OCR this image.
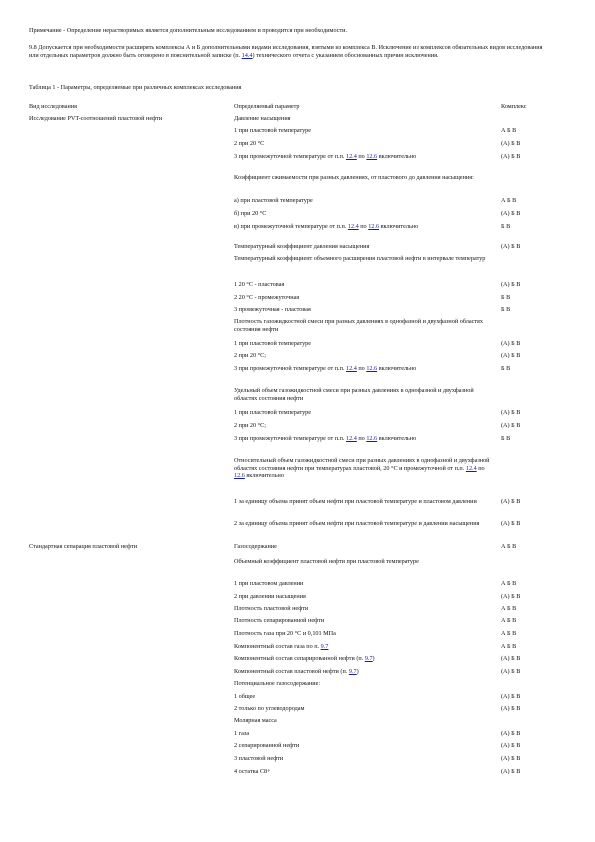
Примечание - Определение нерастворимых является дополнительным исследованием и проводится при необходимости.
9.8 Допускается при необходимости расширять комплексы А и Б дополнительными видами исследования, взятыми из комплекса В. Исключение из комплексов обязательных видов исследования или отдельных параметров должно быть оговорено в пояснительной записке (п. 14.4) технического отчета с указанием обоснованных причин исключения.
Таблица 1 - Параметры, определяемые при различных комплексах исследования
Вид исследования	Определяемый параметр	Комплекс
Исследование PVT-соотношений пластовой нефти	Давление насыщения
1 при пластовой температуре	А Б В
2 при 20 °С	(А) Б В
3 при промежуточной температуре от п.п. 12.4 по 12.6 включительно	(А) Б В
Коэффициент сжимаемости при разных давлениях, от пластового до давления насыщения:
а) при пластовой температуре	А Б В
б) при 20 °С	(А) Б В
в) при промежуточной температуре от п.п. 12.4 по 12.6 включительно	Б В
Температурный коэффициент давления насыщения	(А) Б В
Температурный коэффициент объемного расширения пластовой нефти в интервале температур
1 20 °С - пластовая	(А) Б В
2 20 °С - промежуточная	Б В
3 промежуточная - пластовая	Б В
Плотность газожидкостной смеси при разных давлениях в однофазной и двухфазной областях состояния нефти
1 при пластовой температуре	(А) Б В
2 при 20 °С;	(А) Б В
3 при промежуточной температуре от п.п. 12.4 по 12.6 включительно	Б В
Удельный объем газожидкостной смеси при разных давлениях в однофазной и двухфазной областях состояния нефти
1 при пластовой температуре	(А) Б В
2 при 20 °С;	(А) Б В
3 при промежуточной температуре от п.п. 12.4 по 12.6 включительно	Б В
Относительный объем газожидкостной смеси при разных давлениях в однофазной и двухфазной областях состояния нефти при температурах пластовой, 20 °С и промежуточной от п.п. 12.4 по 12.6 включительно
1 за единицу объема принят объем нефти при пластовой температуре и пластовом давлении	(А) Б В
2 за единицу объема принят объем нефти при пластовой температуре и давлении насыщения	(А) Б В
Стандартная сепарация пластовой нефти	Газосодержание	А Б В
Объемный коэффициент пластовой нефти при пластовой температуре
1 при пластовом давлении	А Б В
2 при давлении насыщения	(А) Б В
Плотность пластовой нефти	А Б В
Плотность сепарированной нефти	А Б В
Плотность газа при 20 °С и 0,101 МПа	А Б В
Компонентный состав газа по п. 9.7	А Б В
Компонентный состав сепарированной нефти (п. 9.7)	(А) Б В
Компонентный состав пластовой нефти (п. 9.7)	(А) Б В
Потенциальное газосодержание:
1 общее	(А) Б В
2 только по углеводородам	(А) Б В
Молярная масса
1 газа	(А) Б В
2 сепарированной нефти	(А) Б В
3 пластовой нефти	(А) Б В
4 остатка С8+	(А) Б В
